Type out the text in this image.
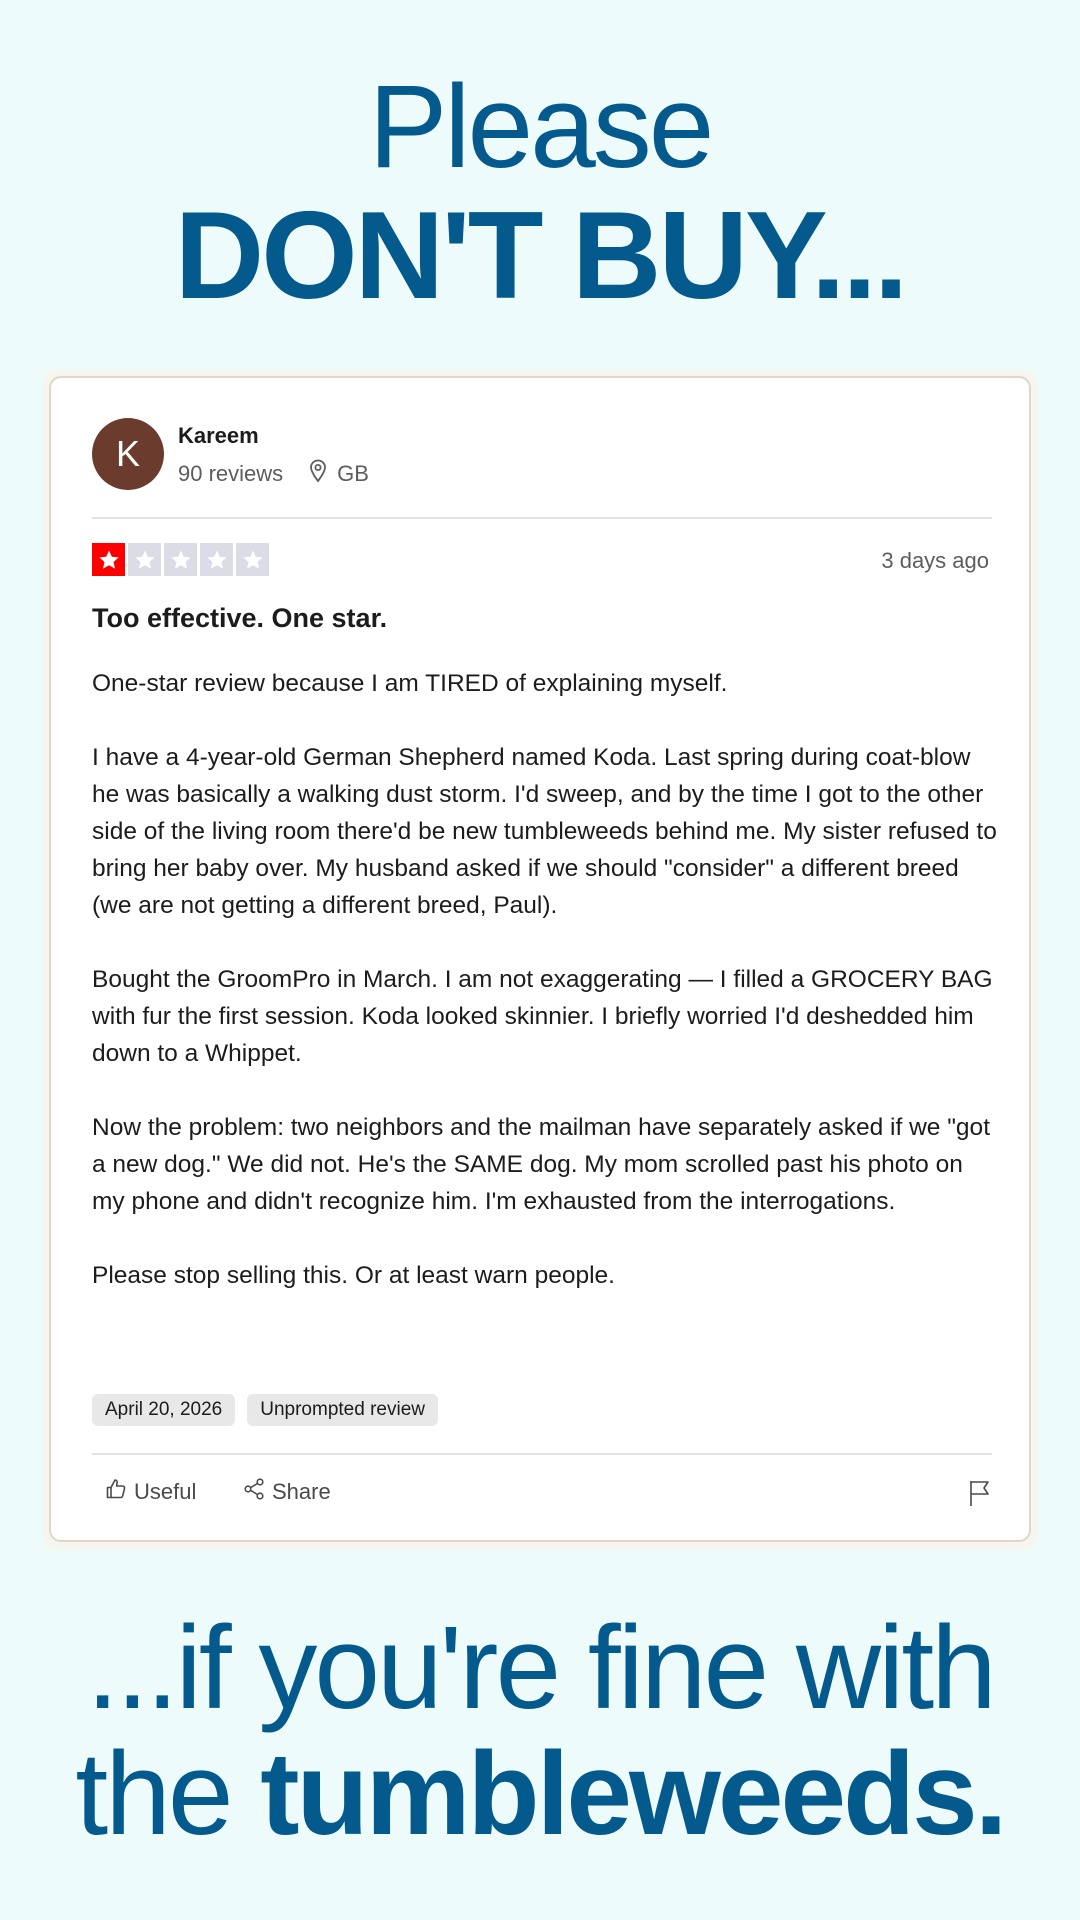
Please
DON'T BUY...
K	Kareem
90 reviews GB
3 days ago
Too effective. One star.

One-star review because I am TIRED of explaining myself.

I have a 4-year-old German Shepherd named Koda. Last spring during coat-blow he was basically a walking dust storm. I'd sweep, and by the time I got to the other side of the living room there'd be new tumbleweeds behind me. My sister refused to bring her baby over. My husband asked if we should "consider" a different breed (we are not getting a different breed, Paul).

Bought the GroomPro in March. I am not exaggerating — I filled a GROCERY BAG with fur the first session. Koda looked skinnier. I briefly worried I'd deshedded him down to a Whippet.

Now the problem: two neighbors and the mailman have separately asked if we "got a new dog." We did not. He's the SAME dog. My mom scrolled past his photo on my phone and didn't recognize him. I'm exhausted from the interrogations.

Please stop selling this. Or at least warn people.

April 20, 2026	Unprompted review
Useful	Share
...if you're fine with
the tumbleweeds.
